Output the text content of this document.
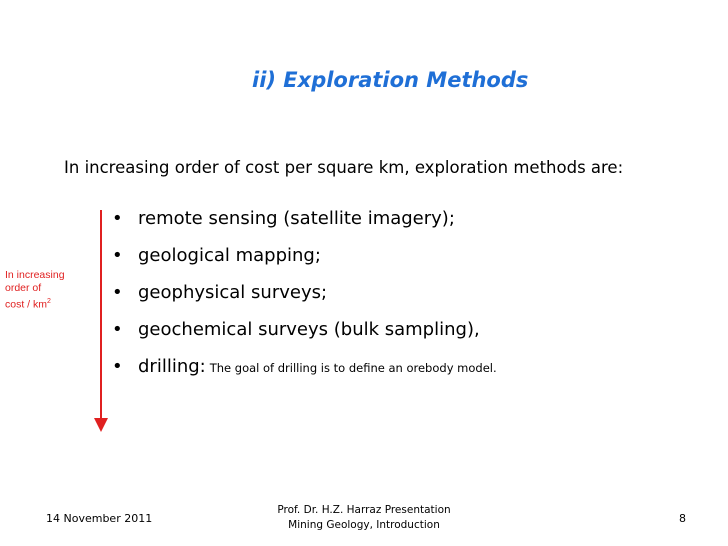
ii) Exploration Methods
In increasing order of cost per square km, exploration methods are:
• remote sensing (satellite imagery);
• geological mapping;
• geophysical surveys;
• geochemical surveys (bulk sampling),
• drilling: The goal of drilling is to define an orebody model.
In increasing
order of
cost / $km^2$
14 November 2011
Prof. Dr. H.Z. Harraz Presentation
Mining Geology, Introduction	8
